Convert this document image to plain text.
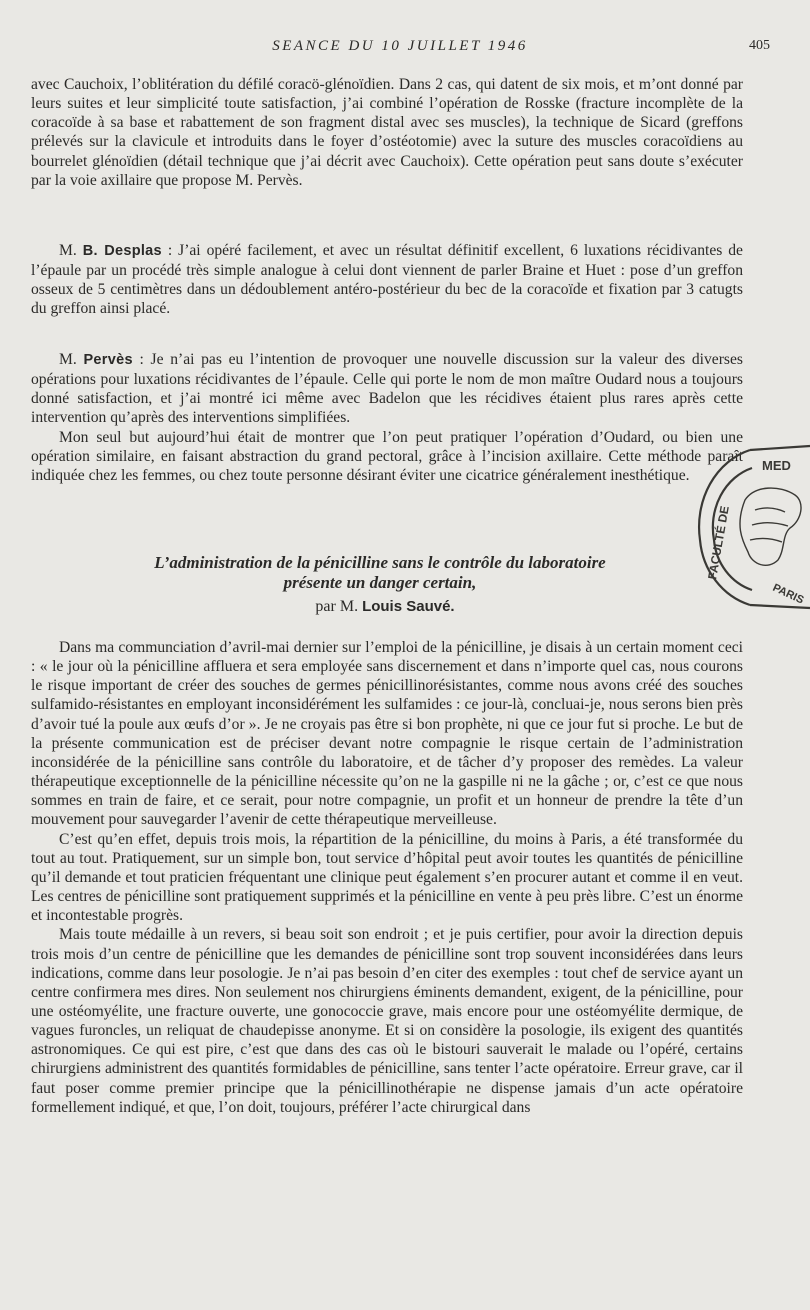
SEANCE DU 10 JUILLET 1946	405

avec Cauchoix, l’oblitération du défilé coracö-glénoïdien. Dans 2 cas, qui datent de six mois, et m’ont donné par leurs suites et leur simplicité toute satisfaction, j’ai combiné l’opération de Rosske (fracture incomplète de la coracoïde à sa base et rabattement de son fragment distal avec ses muscles), la technique de Sicard (greffons prélevés sur la clavicule et introduits dans le foyer d’ostéotomie) avec la suture des muscles coracoïdiens au bourrelet glénoïdien (détail technique que j’ai décrit avec Cauchoix). Cette opération peut sans doute s’exécuter par la voie axillaire que propose M. Pervès.

M. B. Desplas : J’ai opéré facilement, et avec un résultat définitif excellent, 6 luxations récidivantes de l’épaule par un procédé très simple analogue à celui dont viennent de parler Braine et Huet : pose d’un greffon osseux de 5 centimètres dans un dédoublement antéro-postérieur du bec de la coracoïde et fixation par 3 catugts du greffon ainsi placé.

M. Pervès : Je n’ai pas eu l’intention de provoquer une nouvelle discussion sur la valeur des diverses opérations pour luxations récidivantes de l’épaule. Celle qui porte le nom de mon maître Oudard nous a toujours donné satisfaction, et j’ai montré ici même avec Badelon que les récidives étaient plus rares après cette intervention qu’après des interventions simplifiées.

Mon seul but aujourd’hui était de montrer que l’on peut pratiquer l’opération d’Oudard, ou bien une opération similaire, en faisant abstraction du grand pectoral, grâce à l’incision axillaire. Cette méthode paraît indiquée chez les femmes, ou chez toute personne désirant éviter une cicatrice généralement inesthétique.

L’administration de la pénicilline sans le contrôle du laboratoire
présente un danger certain,
par M. Louis Sauvé.

Dans ma communciation d’avril-mai dernier sur l’emploi de la pénicilline, je disais à un certain moment ceci : « le jour où la pénicilline affluera et sera employée sans discernement et dans n’importe quel cas, nous courons le risque important de créer des souches de germes pénicillinorésistantes, comme nous avons créé des souches sulfamido-résistantes en employant inconsidérément les sulfamides : ce jour-là, concluai-je, nous serons bien près d’avoir tué la poule aux œufs d’or ». Je ne croyais pas être si bon prophète, ni que ce jour fut si proche. Le but de la présente communication est de préciser devant notre compagnie le risque certain de l’administration inconsidérée de la pénicilline sans contrôle du laboratoire, et de tâcher d’y proposer des remèdes. La valeur thérapeutique exceptionnelle de la pénicilline nécessite qu’on ne la gaspille ni ne la gâche ; or, c’est ce que nous sommes en train de faire, et ce serait, pour notre compagnie, un profit et un honneur de prendre la tête d’un mouvement pour sauvegarder l’avenir de cette thérapeutique merveilleuse.

C’est qu’en effet, depuis trois mois, la répartition de la pénicilline, du moins à Paris, a été transformée du tout au tout. Pratiquement, sur un simple bon, tout service d’hôpital peut avoir toutes les quantités de pénicilline qu’il demande et tout praticien fréquentant une clinique peut également s’en procurer autant et comme il en veut. Les centres de pénicilline sont pratiquement supprimés et la pénicilline en vente à peu près libre. C’est un énorme et incontestable progrès.

Mais toute médaille à un revers, si beau soit son endroit ; et je puis certifier, pour avoir la direction depuis trois mois d’un centre de pénicilline que les demandes de pénicilline sont trop souvent inconsidérées dans leurs indications, comme dans leur posologie. Je n’ai pas besoin d’en citer des exemples : tout chef de service ayant un centre confirmera mes dires. Non seulement nos chirurgiens éminents demandent, exigent, de la pénicilline, pour une ostéomyélite, une fracture ouverte, une gonococcie grave, mais encore pour une ostéomyélite dermique, de vagues furoncles, un reliquat de chaudepisse anonyme. Et si on considère la posologie, ils exigent des quantités astronomiques. Ce qui est pire, c’est que dans des cas où le bistouri sauverait le malade ou l’opéré, certains chirurgiens administrent des quantités formidables de pénicilline, sans tenter l’acte opératoire. Erreur grave, car il faut poser comme premier principe que la pénicillinothérapie ne dispense jamais d’un acte opératoire formellement indiqué, et que, l’on doit, toujours, préférer l’acte chirurgical dans

MED
FACULTÉ DE
PARIS
